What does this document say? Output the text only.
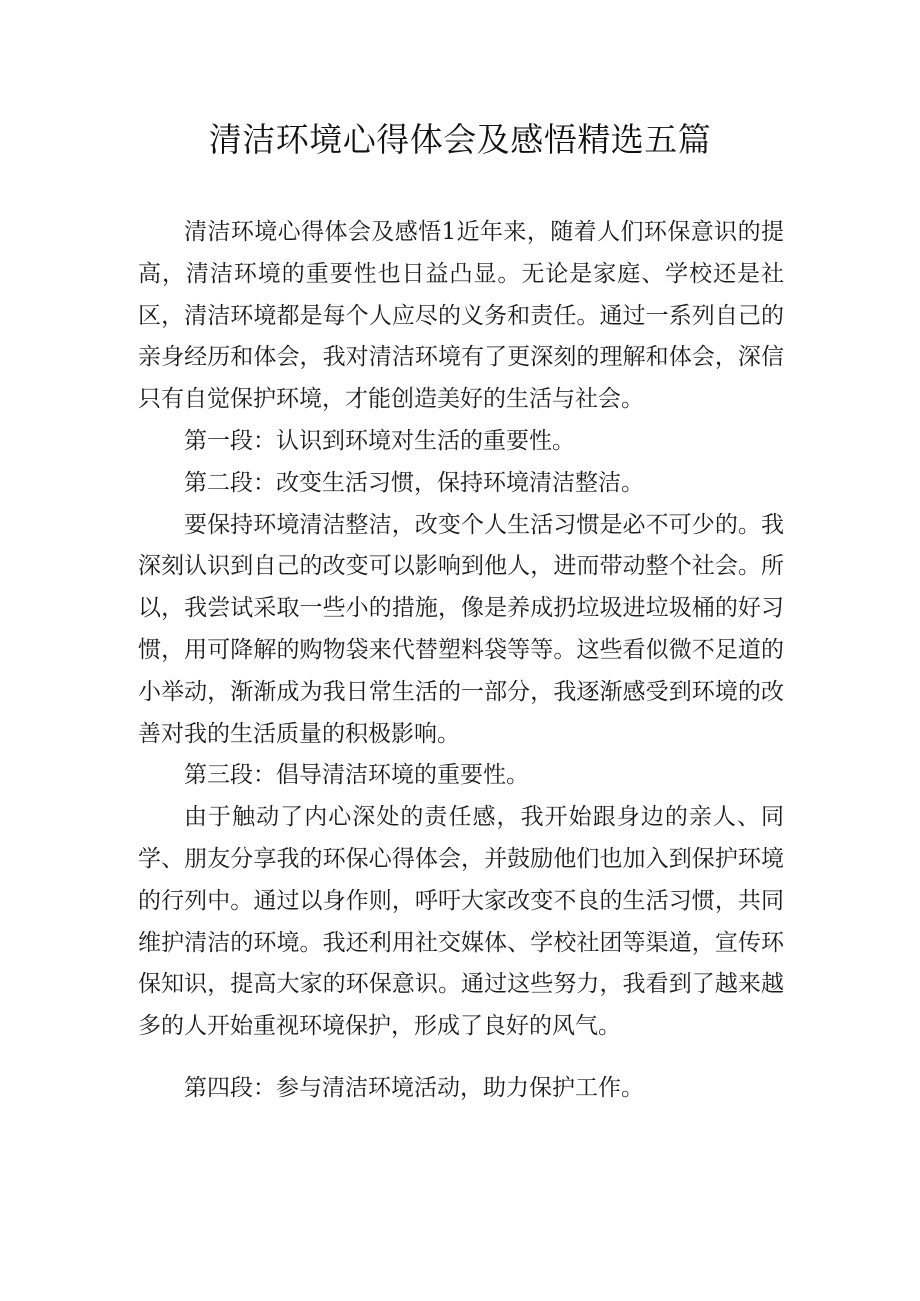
清洁环境心得体会及感悟精选五篇

清洁环境心得体会及感悟1近年来，随着人们环保意识的提高，清洁环境的重要性也日益凸显。无论是家庭、学校还是社区，清洁环境都是每个人应尽的义务和责任。通过一系列自己的亲身经历和体会，我对清洁环境有了更深刻的理解和体会，深信只有自觉保护环境，才能创造美好的生活与社会。

第一段：认识到环境对生活的重要性。

第二段：改变生活习惯，保持环境清洁整洁。

要保持环境清洁整洁，改变个人生活习惯是必不可少的。我深刻认识到自己的改变可以影响到他人，进而带动整个社会。所以，我尝试采取一些小的措施，像是养成扔垃圾进垃圾桶的好习惯，用可降解的购物袋来代替塑料袋等等。这些看似微不足道的小举动，渐渐成为我日常生活的一部分，我逐渐感受到环境的改善对我的生活质量的积极影响。

第三段：倡导清洁环境的重要性。

由于触动了内心深处的责任感，我开始跟身边的亲人、同学、朋友分享我的环保心得体会，并鼓励他们也加入到保护环境的行列中。通过以身作则，呼吁大家改变不良的生活习惯，共同维护清洁的环境。我还利用社交媒体、学校社团等渠道，宣传环保知识，提高大家的环保意识。通过这些努力，我看到了越来越多的人开始重视环境保护，形成了良好的风气。

第四段：参与清洁环境活动，助力保护工作。
